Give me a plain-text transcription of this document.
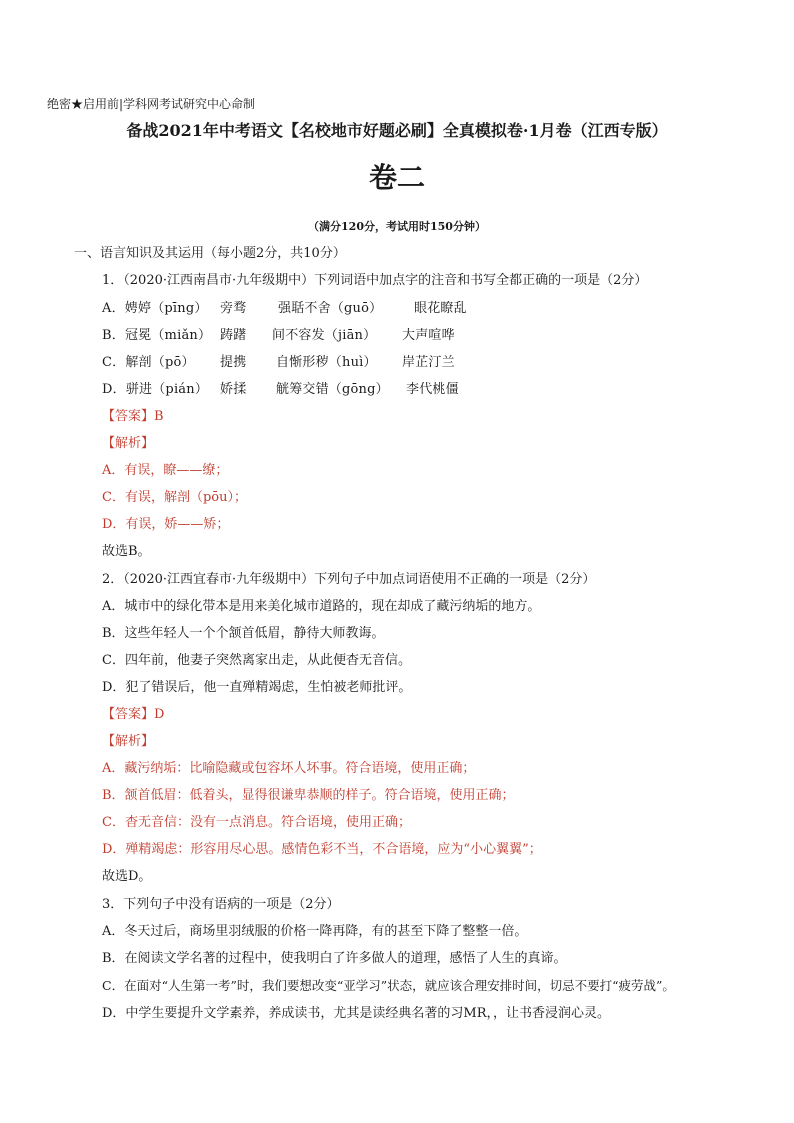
绝密★启用前|学科网考试研究中心命制
备战2021年中考语文【名校地市好题必刷】全真模拟卷·1月卷（江西专版）
卷二
（满分120分，考试用时150分钟）
一、语言知识及其运用（每小题2分，共10分）
1．（2020·江西南昌市·九年级期中）下列词语中加点字的注音和书写全都正确的一项是（2分）
A．娉婷（pīng） 旁骛 强聒不舍（guō） 眼花瞭乱
B．冠冕（miǎn） 踌躇 间不容发（jiān） 大声喧哗
C．解剖（pō） 提携 自惭形秽（huì） 岸芷汀兰
D．骈进（pián） 娇揉 觥筹交错（gōng） 李代桃僵
【答案】B
【解析】
A．有误，瞭——缭；
C．有误，解剖（pōu）；
D．有误，娇——矫；
故选B。
2．（2020·江西宜春市·九年级期中）下列句子中加点词语使用不正确的一项是（2分）
A．城市中的绿化带本是用来美化城市道路的，现在却成了藏污纳垢的地方。
B．这些年轻人一个个颔首低眉，静待大师教诲。
C．四年前，他妻子突然离家出走，从此便杳无音信。
D．犯了错误后，他一直殚精竭虑，生怕被老师批评。
【答案】D
【解析】
A．藏污纳垢：比喻隐藏或包容坏人坏事。符合语境，使用正确；
B．颔首低眉：低着头，显得很谦卑恭顺的样子。符合语境，使用正确；
C．杳无音信：没有一点消息。符合语境，使用正确；
D．殚精竭虑：形容用尽心思。感情色彩不当，不合语境，应为“小心翼翼”；
故选D。
3．下列句子中没有语病的一项是（2分）
A．冬天过后，商场里羽绒服的价格一降再降，有的甚至下降了整整一倍。
B．在阅读文学名著的过程中，使我明白了许多做人的道理，感悟了人生的真谛。
C．在面对“人生第一考”时，我们要想改变“亚学习”状态，就应该合理安排时间，切忌不要打“疲劳战”。
D．中学生要提升文学素养，养成读书，尤其是读经典名著的习MR，，让书香浸润心灵。
